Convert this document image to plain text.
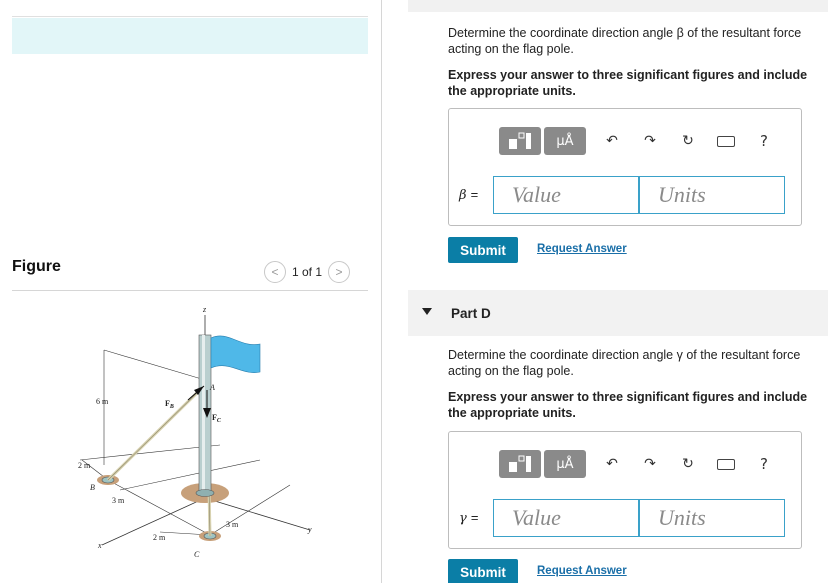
Figure	<	1 of 1	>
z
6 m
2 m
B
3 m
$F_B$
$F_C$
A
3 m
2 m
C
x
y
Determine the coordinate direction angle β of the resultant force acting on the flag pole.
Express your answer to three significant figures and include the appropriate units.
μÅ	↶	↷	↻	?
β =	Value	Units
Submit	Request Answer
Part D
Determine the coordinate direction angle γ of the resultant force acting on the flag pole.
Express your answer to three significant figures and include the appropriate units.
μÅ	↶	↷	↻	?
γ =	Value	Units
Submit	Request Answer
